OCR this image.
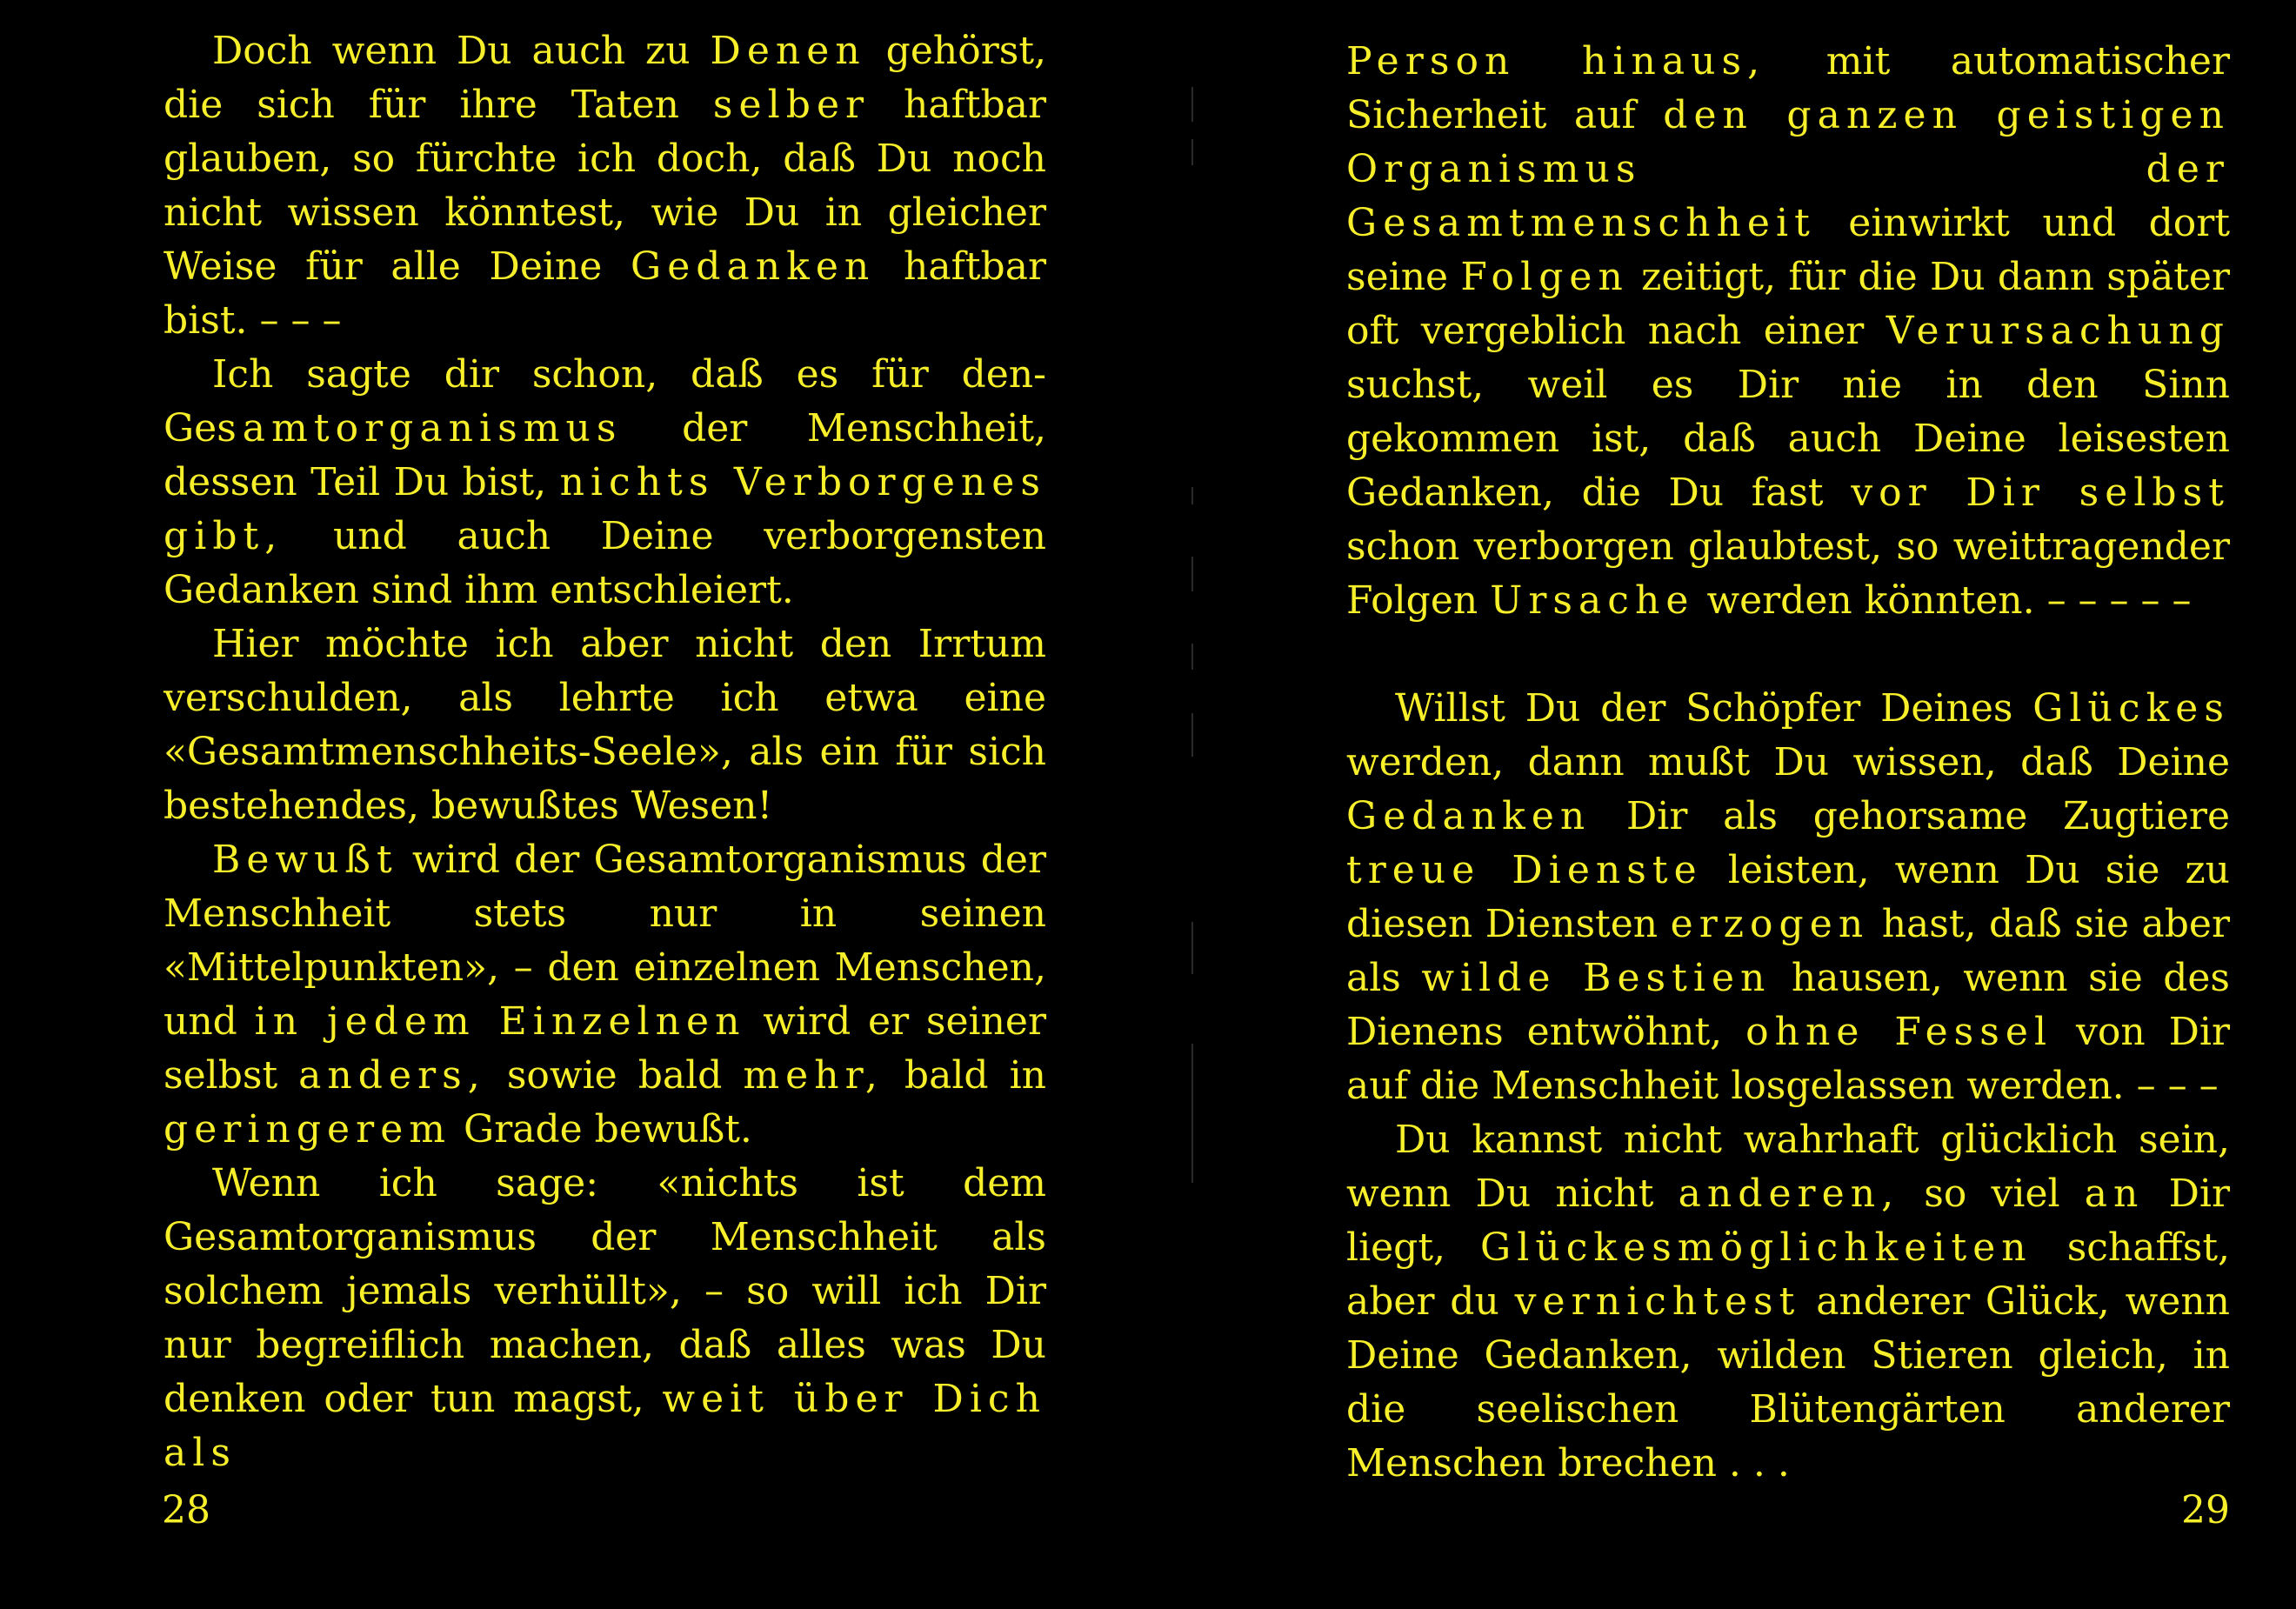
Doch wenn Du auch zu Denen gehörst, die sich für ihre Taten selber haftbar glauben, so fürchte ich doch, daß Du noch nicht wissen könntest, wie Du in gleicher Weise für alle Deine Gedanken haftbar bist. – – –

Ich sagte dir schon, daß es für den Gesamtorganismus der Menschheit, dessen Teil Du bist, nichts Verborgenes gibt, und auch Deine verborgensten Gedanken sind ihm entschleiert.

Hier möchte ich aber nicht den Irrtum verschulden, als lehrte ich etwa eine «Gesamtmenschheits-Seele», als ein für sich bestehendes, bewußtes Wesen!

Bewußt wird der Gesamtorganismus der Menschheit stets nur in seinen «Mittelpunkten», – den einzelnen Menschen, und in jedem Einzelnen wird er seiner selbst anders, sowie bald mehr, bald in geringerem Grade bewußt.

Wenn ich sage: «nichts ist dem Gesamtorganismus der Menschheit als solchem jemals verhüllt», – so will ich Dir nur begreiflich machen, daß alles was Du denken oder tun magst, weit über Dich als

28

Person hinaus, mit automatischer Sicherheit auf den ganzen geistigen Organismus der Gesamtmenschheit einwirkt und dort seine Folgen zeitigt, für die Du dann später oft vergeblich nach einer Verursachung suchst, weil es Dir nie in den Sinn gekommen ist, daß auch Deine leisesten Gedanken, die Du fast vor Dir selbst schon verborgen glaubtest, so weittragender Folgen Ursache werden könnten. – – – – –

Willst Du der Schöpfer Deines Glückes werden, dann mußt Du wissen, daß Deine Gedanken Dir als gehorsame Zugtiere treue Dienste leisten, wenn Du sie zu diesen Diensten erzogen hast, daß sie aber als wilde Bestien hausen, wenn sie des Dienens entwöhnt, ohne Fessel von Dir auf die Menschheit losgelassen werden. – – –

Du kannst nicht wahrhaft glücklich sein, wenn Du nicht anderen, so viel an Dir liegt, Glückesmöglichkeiten schaffst, aber du vernichtest anderer Glück, wenn Deine Gedanken, wilden Stieren gleich, in die seelischen Blütengärten anderer Menschen brechen . . .

29
